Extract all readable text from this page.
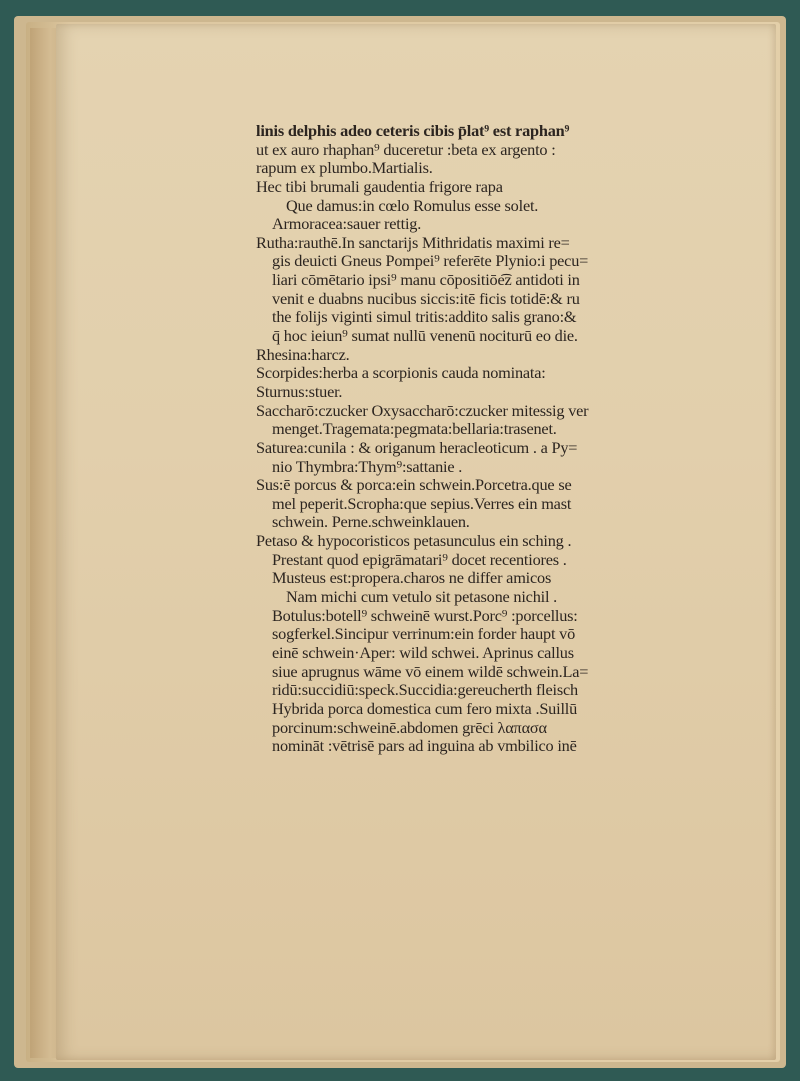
linis delphis adeo ceteris cibis p̄lat⁹ est raphan⁹
ut ex auro rhaphan⁹ duceretur :beta ex argento :
rapum ex plumbo.Martialis.
Hec tibi brumali gaudentia frigore rapa
Que damus:in cœlo Romulus esse solet.
Armoracea:sauer rettig.
Rutha:rauthē.In sanctarijs Mithridatis maximi re=
gis deuicti Gneus Pompei⁹ referēte Plynio:i pecu=
liari cōmētario ipsi⁹ manu cōpositiōe͡z antidoti in
venit e duabns nucibus siccis:itē ficis totidē:& ru
the folijs viginti simul tritis:addito salis grano:&
q̄ hoc ieiun⁹ sumat nullū venenū nociturū eo die.
Rhesina:harcz.
Scorpides:herba a scorpionis cauda nominata:
Sturnus:stuer.
Saccharō:czucker Oxysaccharō:czucker mitessig ver
menget.Tragemata:pegmata:bellaria:trasenet.
Saturea:cunila : & origanum heracleoticum . a Py=
nio Thymbra:Thym⁹:sattanie .
Sus:ē porcus & porca:ein schwein.Porcetra.que se
mel peperit.Scropha:que sepius.Verres ein mast
schwein. Perne.schweinklauen.
Petaso & hypocoristicos petasunculus ein sching .
Prestant quod epigrāmatari⁹ docet recentiores .
Musteus est:propera.charos ne differ amicos
Nam michi cum vetulo sit petasone nichil .
Botulus:botell⁹ schweinē wurst.Porc⁹ :porcellus:
sogferkel.Sincipur verrinum:ein forder haupt vō
einē schwein·Aper: wild schwei. Aprinus callus
siue aprugnus wāme vō einem wildē schwein.La=
ridū:succidiū:speck.Succidia:gereucherth fleisch
Hybrida porca domestica cum fero mixta .Suillū
porcinum:schweinē.abdomen grēci λαπασα
nomināt :vētrisē pars ad inguina ab vmbilico inē
